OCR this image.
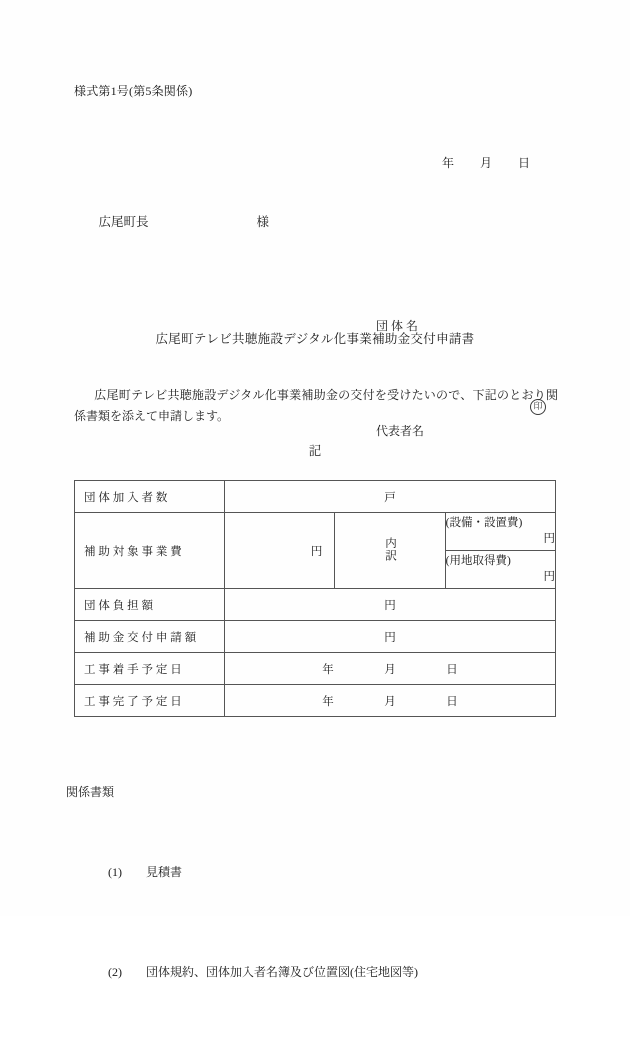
様式第1号(第5条関係)

年 月 日

広尾町長	様

団 体 名

代表者名

印

広尾町テレビ共聴施設デジタル化事業補助金交付申請書
広尾町テレビ共聴施設デジタル化事業補助金の交付を受けたいので、下記のとおり関係書類を添えて申請します。
記
団 体 加 入 者 数	戸		

補 助 対 象 事 業 費	円	内訳	(設備・設置費)
円

			(用地取得費)
円

団 体 負 担 額	円		

補 助 金 交 付 申 請 額	円		

工 事 着 手 予 定 日	年 月 日		

工 事 完 了 予 定 日	年 月 日		

関係書類

(1) 見積書

(2) 団体規約、団体加入者名簿及び位置図(住宅地図等)
